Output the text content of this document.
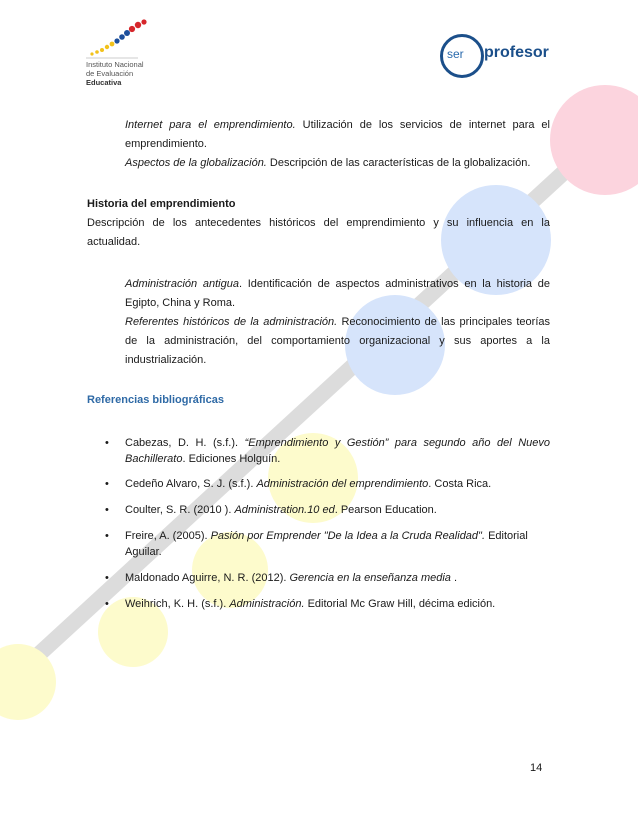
Instituto Nacional
de Evaluación
Educativa
ser profesor
Internet para el emprendimiento. Utilización de los servicios de internet para el emprendimiento.
Aspectos de la globalización. Descripción de las características de la globalización.
Historia del emprendimiento
Descripción de los antecedentes históricos del emprendimiento y su influencia en la actualidad.
Administración antigua. Identificación de aspectos administrativos en la historia de Egipto, China y Roma.
Referentes históricos de la administración. Reconocimiento de las principales teorías de la administración, del comportamiento organizacional y sus aportes a la industrialización.
Referencias bibliográficas
• Cabezas, D. H. (s.f.). “Emprendimiento y Gestión” para segundo año del Nuevo Bachillerato. Ediciones Holguín.
• Cedeño Alvaro, S. J. (s.f.). Administración del emprendimiento. Costa Rica.
• Coulter, S. R. (2010 ). Administration.10 ed. Pearson Education.
• Freire, A. (2005). Pasión por Emprender "De la Idea a la Cruda Realidad". Editorial Aguilar.
• Maldonado Aguirre, N. R. (2012). Gerencia en la enseñanza media .
• Weihrich, K. H. (s.f.). Administración. Editorial Mc Graw Hill, décima edición.
14
